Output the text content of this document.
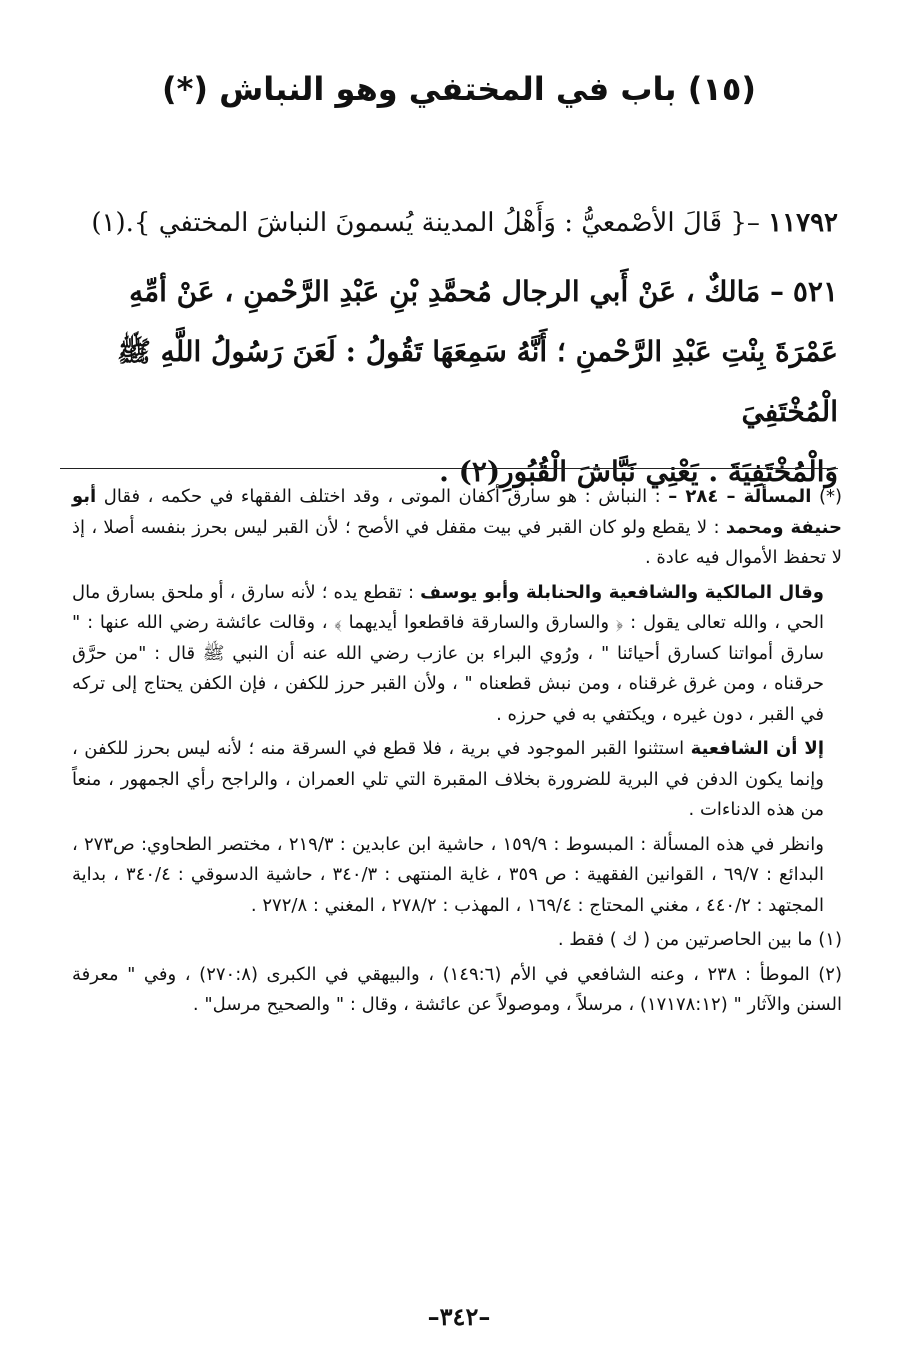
(١٥) باب في المختفي وهو النباش (*)
١١٧٩٢ –{ قَالَ الأصْمعيُّ : وَأَهْلُ المدينة يُسمونَ النباشَ المختفي }.(١)

٥٢١ – مَالكٌ ، عَنْ أَبي الرجال مُحمَّدِ بْنِ عَبْدِ الرَّحْمنِ ، عَنْ أمِّهِ

عَمْرَةَ بِنْتِ عَبْدِ الرَّحْمنِ ؛ أَنَّهُ سَمِعَهَا تَقُولُ : لَعَنَ رَسُولُ اللَّهِ ﷺ الْمُخْتَفِيَ

وَالْمُخْتَفِيَةَ . يَعْنِي نَبَّاشَ الْقُبُورِ(٢) .

(*) المسألة – ٢٨٤ – : النباش : هو سارق أكفان الموتى ، وقد اختلف الفقهاء في حكمه ، فقال أبو حنيفة ومحمد : لا يقطع ولو كان القبر في بيت مقفل في الأصح ؛ لأن القبر ليس بحرز بنفسه أصلا ، إذ لا تحفظ الأموال فيه عادة .

وقال المالكية والشافعية والحنابلة وأبو يوسف : تقطع يده ؛ لأنه سارق ، أو ملحق بسارق مال الحي ، والله تعالى يقول : ﴿ والسارق والسارقة فاقطعوا أيديهما ﴾ ، وقالت عائشة رضي الله عنها : " سارق أمواتنا كسارق أحيائنا " ، ورُوي البراء بن عازب رضي الله عنه أن النبي ﷺ قال : "من حرَّق حرقناه ، ومن غرق غرقناه ، ومن نبش قطعناه " ، ولأن القبر حرز للكفن ، فإن الكفن يحتاج إلى تركه في القبر ، دون غيره ، ويكتفي به في حرزه .

إلا أن الشافعية استثنوا القبر الموجود في برية ، فلا قطع في السرقة منه ؛ لأنه ليس بحرز للكفن ، وإنما يكون الدفن في البرية للضرورة بخلاف المقبرة التي تلي العمران ، والراجح رأي الجمهور ، منعاً من هذه الدناءات .

وانظر في هذه المسألة : المبسوط : ١٥٩/٩ ، حاشية ابن عابدين : ٢١٩/٣ ، مختصر الطحاوي: ص٢٧٣ ، البدائع : ٦٩/٧ ، القوانين الفقهية : ص ٣٥٩ ، غاية المنتهى : ٣٤٠/٣ ، حاشية الدسوقي : ٣٤٠/٤ ، بداية المجتهد : ٤٤٠/٢ ، مغني المحتاج : ١٦٩/٤ ، المهذب : ٢٧٨/٢ ، المغني : ٢٧٢/٨ .

(١) ما بين الحاصرتين من ( ك ) فقط .

(٢) الموطأ : ٢٣٨ ، وعنه الشافعي في الأم (١٤٩:٦) ، والبيهقي في الكبرى (٢٧٠:٨) ، وفي " معرفة السنن والآثار " (١٧١٧٨:١٢) ، مرسلاً ، وموصولاً عن عائشة ، وقال : " والصحيح مرسل" .

–٣٤٢–
